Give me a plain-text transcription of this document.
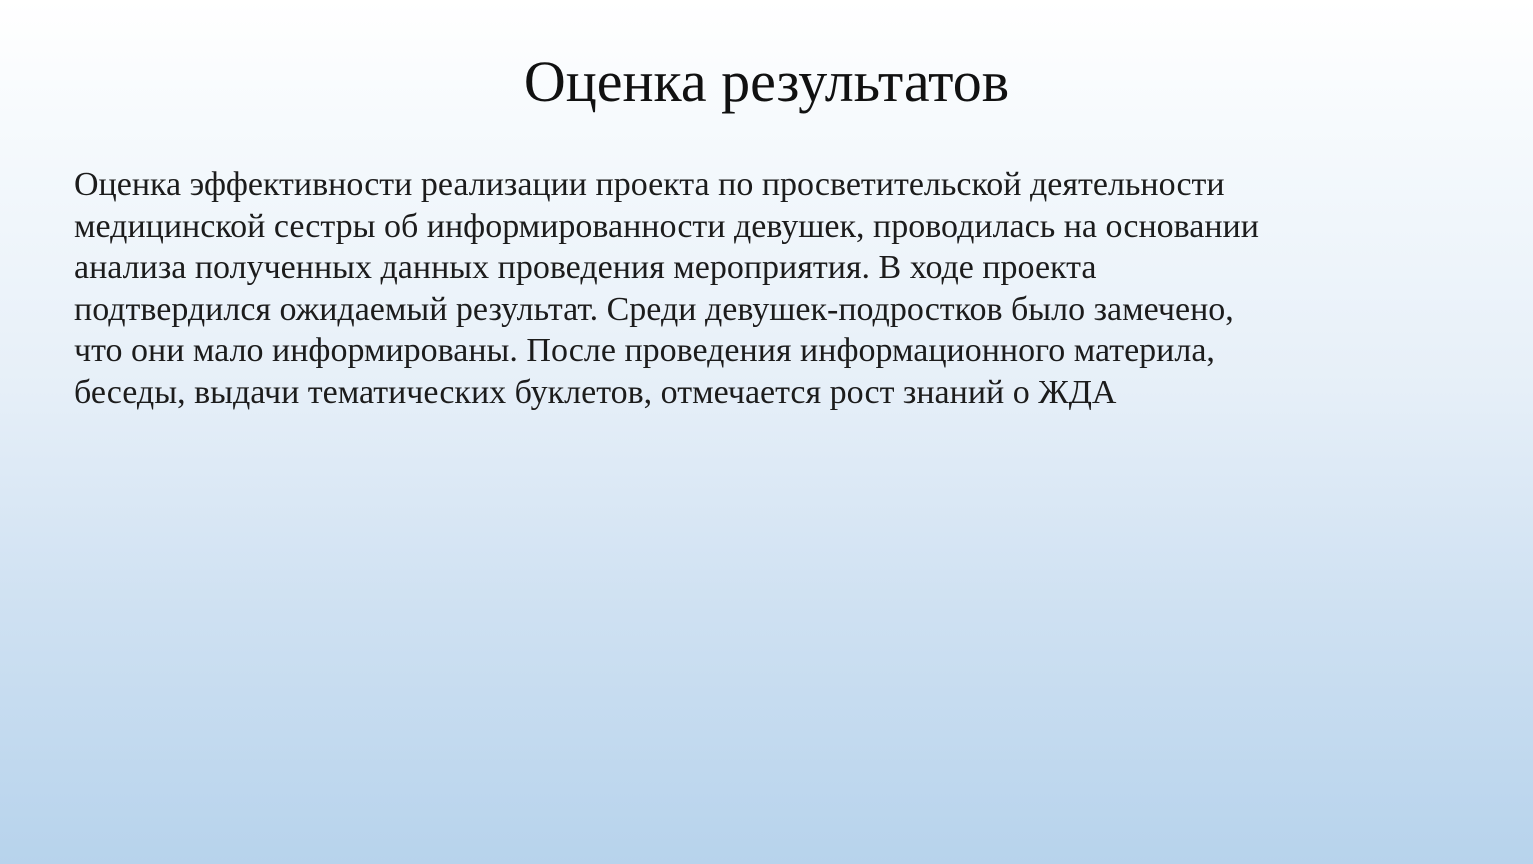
Оценка результатов

Оценка эффективности реализации проекта по просветительской деятельности
медицинской сестры об информированности девушек, проводилась на основании
анализа полученных данных проведения мероприятия. В ходе проекта
подтвердился ожидаемый результат. Среди девушек-подростков было замечено,
что они мало информированы. После проведения информационного материла,
беседы, выдачи тематических буклетов, отмечается рост знаний о ЖДА
